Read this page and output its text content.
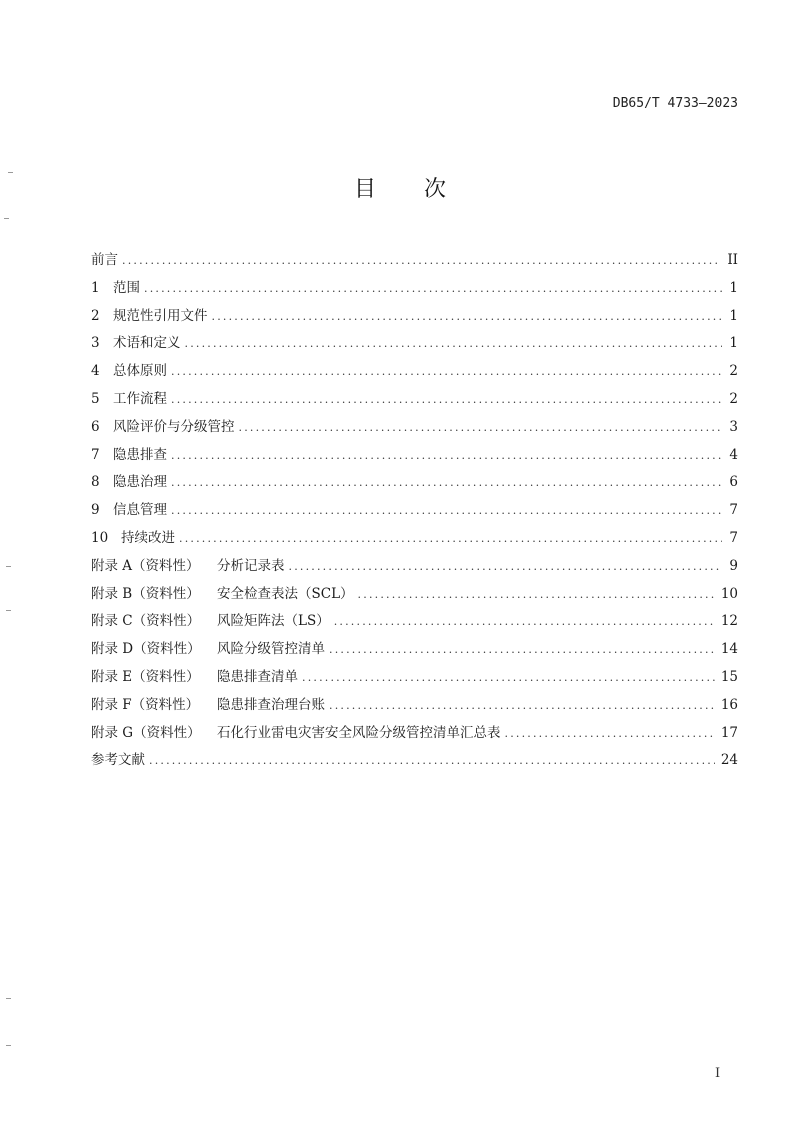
DB65/T 4733—2023
目 次
前言 .....	II
1 范围 .....	1
2 规范性引用文件 .....	1
3 术语和定义 .....	1
4 总体原则 .....	2
5 工作流程 .....	2
6 风险评价与分级管控 .....	3
7 隐患排查 .....	4
8 隐患治理 .....	6
9 信息管理 .....	7
10 持续改进 .....	7
附录 A（资料性）	分析记录表 .....	9
附录 B（资料性）	安全检查表法（SCL） .....	10
附录 C（资料性）	风险矩阵法（LS） .....	12
附录 D（资料性）	风险分级管控清单 .....	14
附录 E（资料性）	隐患排查清单 .....	15
附录 F（资料性）	隐患排查治理台账 .....	16
附录 G（资料性）	石化行业雷电灾害安全风险分级管控清单汇总表 .....	17
参考文献 .....	24
I
